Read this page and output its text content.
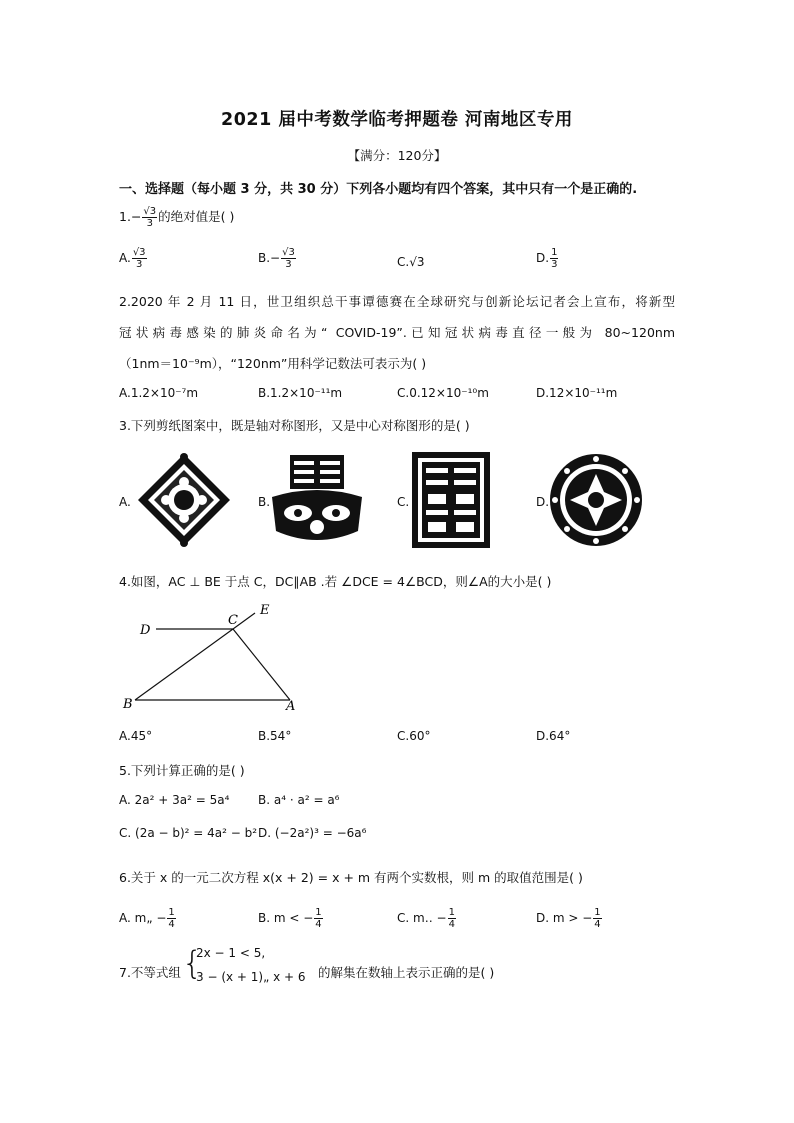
2021 届中考数学临考押题卷 河南地区专用
【满分：120分】
一、选择题（每小题 3 分，共 30 分）下列各小题均有四个答案，其中只有一个是正确的.
$1.- \frac{√3}{3}$ 的绝对值是( )
A. $\frac{√3}{3}$	$B.- \frac{√3}{3}$	C.√3	D. $\frac{1}{3}$
2.2020 年 2 月 11 日，世卫组织总干事谭德赛在全球研究与创新论坛记者会上宣布，将新型
冠状病毒感染的肺炎命名为“ COVID-19”.已知冠状病毒直径一般为 80~120nm
（1nm＝10⁻⁹m），“120nm”用科学记数法可表示为( )
A.1.2×10⁻⁷m	B.1.2×10⁻¹¹m	C.0.12×10⁻¹⁰m	D.12×10⁻¹¹m
3.下列剪纸图案中，既是轴对称图形，又是中心对称图形的是( )
A.	B.	C.	D.
4.如图，AC ⊥ BE 于点 C，DC∥AB .若 ∠DCE = 4∠BCD，则∠A的大小是( )
D
C
E
B	A
A.45°	B.54°	C.60°	D.64°
5.下列计算正确的是( )
A. 2a² + 3a² = 5a⁴ B. a⁴ · a² = a⁶
C. (2a − b)² = 4a² − b² D. (−2a²)³ = −6a⁶
6.关于 x 的一元二次方程 x(x + 2) = x + m 有两个实数根，则 m 的取值范围是( )
A. m„ − $\frac{1}{4}$	B. m < − $\frac{1}{4}$	C. m‥ − $\frac{1}{4}$	D. m > − $\frac{1}{4}$
7.不等式组 {
2x − 1 < 5,
3 − (x + 1)„ x + 6 的解集在数轴上表示正确的是( )
